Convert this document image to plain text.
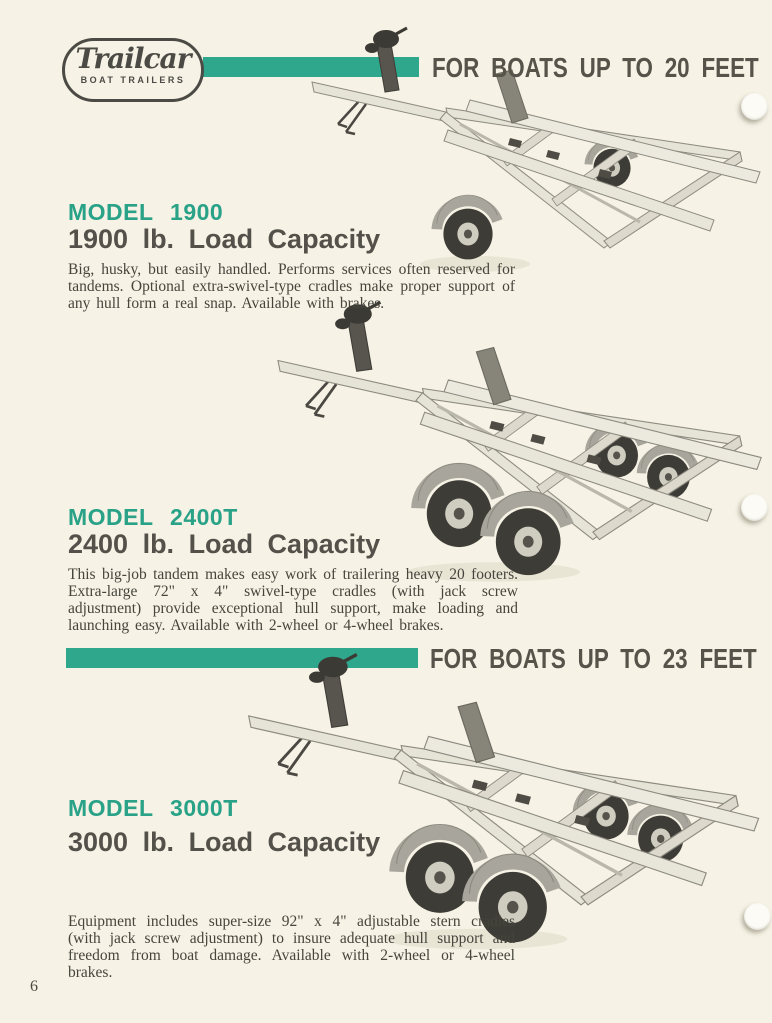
Trailcar
BOAT TRAILERS	FOR BOATS UP TO 20 FEET
FOR BOATS UP TO 23 FEET
MODEL 1900
1900 lb. Load Capacity
Big, husky, but easily handled. Performs services often reserved for tandems. Optional extra-swivel-type cradles make proper support of any hull form a real snap. Available with brakes.
MODEL 2400T
2400 lb. Load Capacity
This big-job tandem makes easy work of trailering heavy 20 footers. Extra-large 72" x 4" swivel-type cradles (with jack screw adjustment) provide exceptional hull support, make loading and launching easy. Available with 2-wheel or 4-wheel brakes.
MODEL 3000T
3000 lb. Load Capacity
Equipment includes super-size 92" x 4" adjustable stern cradles (with jack screw adjustment) to insure adequate hull support and freedom from boat damage. Available with 2-wheel or 4-wheel brakes.
6
